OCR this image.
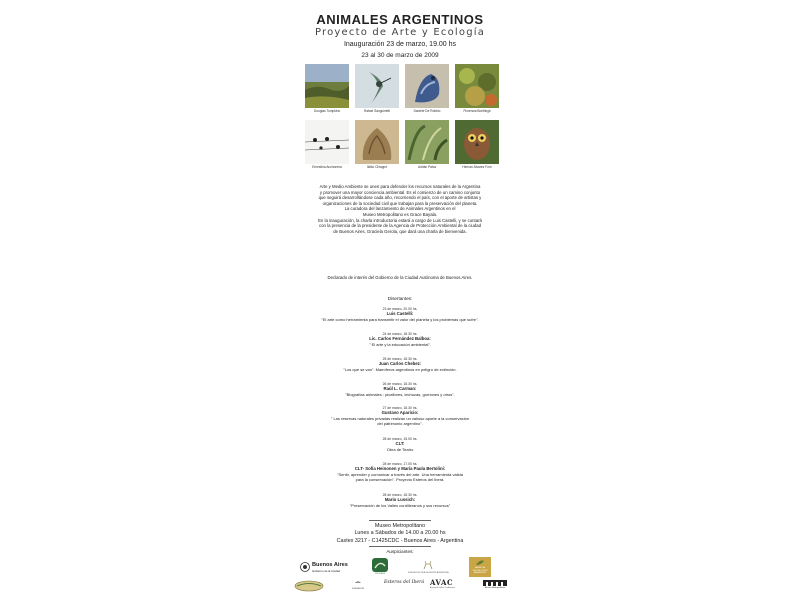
ANIMALES ARGENTINOS
Proyecto de Arte y Ecología
Inauguración 23 de marzo, 19.00 hs
23 al 30 de marzo de 2009
Douglas Tompkins	Rafael Sanguinetti	Daniele De Robbio	Florencia Bohtlingk
Ernestina Anchorena	Ildiko Chiappe	Adrián Paiva	Hernan Álvarez Forn
Arte y Medio Ambiente se unen para defender los recursos naturales de la Argentina
y promover una mayor conciencia ambiental. Es el comienzo de un camino conjunto
que seguirá desarrollándose cada año, recorriendo el país, con el aporte de artistas y
organizaciones de la sociedad civil que trabajan para la preservación del planeta.
La curadora del lanzamiento de Animales Argentinos en el
Museo Metropolitano es Grace Bayala.
En la inauguración, la charla introductoria estará a cargo de Luis Castelli, y se contará
con la presencia de la presidente de la Agencia de Protección Ambiental de la ciudad
de Buenos Aires, Graciela Gerola, que dará una charla de bienvenida.
Declarado de interés del Gobierno de la Ciudad Autónoma de Buenos Aires.
Disertantes:
23 de marzo, 20.00 hs.
Luis Castelli:
"El arte como herramienta para transmitir el valor del planeta y los problemas que sufre".
24 de marzo, 18.30 hs.
Lic. Carlos Fernández Balboa:
" El arte y la educación ambiental".
25 de marzo, 18.30 hs.
Juan Carlos Chebez:
"Los que se van". Mamíferos argentinos en peligro de extinción.
26 de marzo, 18.30 hs.
Raúl L. Carman:
"Biografías animales : picaflores, lechuzas, gorriones y otros".
27 de marzo, 18.30 hs.
Gustavo Aparicio:
" Las reservas naturales privadas realizan un valioso aporte a la conservación
del patrimonio argentino".
28 de marzo, 15.00 hs.
CLT:
Obra de Teatro
28 de marzo, 17.00 hs.
CLT- Sofía Heinonen y María Paula Bertolini:
"Sentir, aprender y comunicar a través del arte. Una herramienta válida
para la conservación". Proyecto Esteros del Iberá.
28 de marzo, 18.30 hs.
Mario Lussich:
"Preservación de los Valles cordilleranos y sus recursos"
Museo Metropolitano
Lunes a Sábados de 14.00 a 20.00 hs
Castex 3217 - C1425CDC - Buenos Aires - Argentina
Auspiciantes:
Buenos Aires
Gobierno de la Ciudad
ESCUELA	FUNDACIÓN VIDA SILVESTRE ARGENTINA
AGENCIA
PROTECCIÓN
AMBIENTAL
FUNDACIÓN
Esteros del Iberá AVAC
Asociación Valles Cordilleranos	Museo Metropolitano
